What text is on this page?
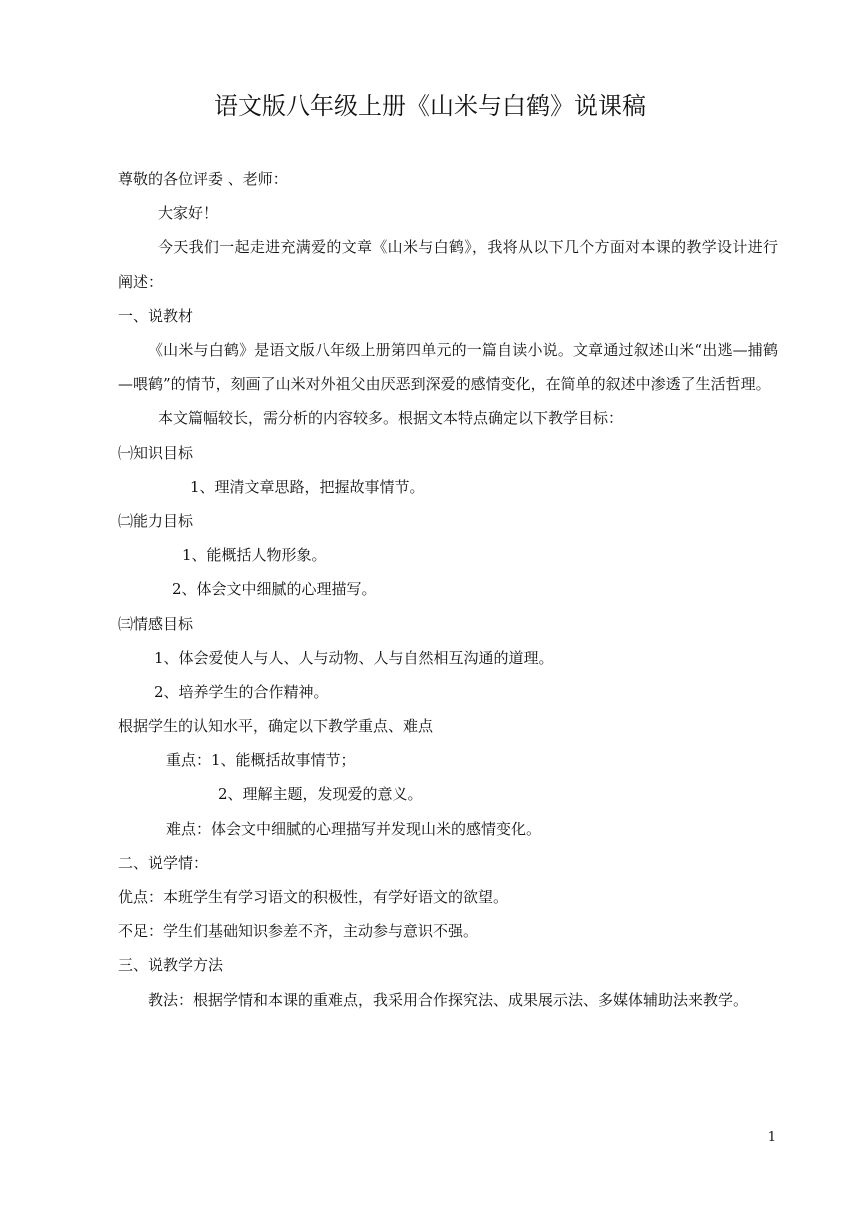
语文版八年级上册《山米与白鹤》说课稿
尊敬的各位评委 、老师：
大家好！
今天我们一起走进充满爱的文章《山米与白鹤》，我将从以下几个方面对本课的教学设计进行阐述：
一、说教材
《山米与白鹤》是语文版八年级上册第四单元的一篇自读小说。文章通过叙述山米“出逃—捕鹤—喂鹤”的情节，刻画了山米对外祖父由厌恶到深爱的感情变化，在简单的叙述中渗透了生活哲理。
本文篇幅较长，需分析的内容较多。根据文本特点确定以下教学目标：
㈠知识目标
1、理清文章思路，把握故事情节。
㈡能力目标
1、能概括人物形象。
2、体会文中细腻的心理描写。
㈢情感目标
1、体会爱使人与人、人与动物、人与自然相互沟通的道理。
2、培养学生的合作精神。
根据学生的认知水平，确定以下教学重点、难点
重点：1、能概括故事情节；
2、理解主题，发现爱的意义。
难点：体会文中细腻的心理描写并发现山米的感情变化。
二、说学情：
优点：本班学生有学习语文的积极性，有学好语文的欲望。
不足：学生们基础知识参差不齐，主动参与意识不强。
三、说教学方法
教法：根据学情和本课的重难点，我采用合作探究法、成果展示法、多媒体辅助法来教学。
1
